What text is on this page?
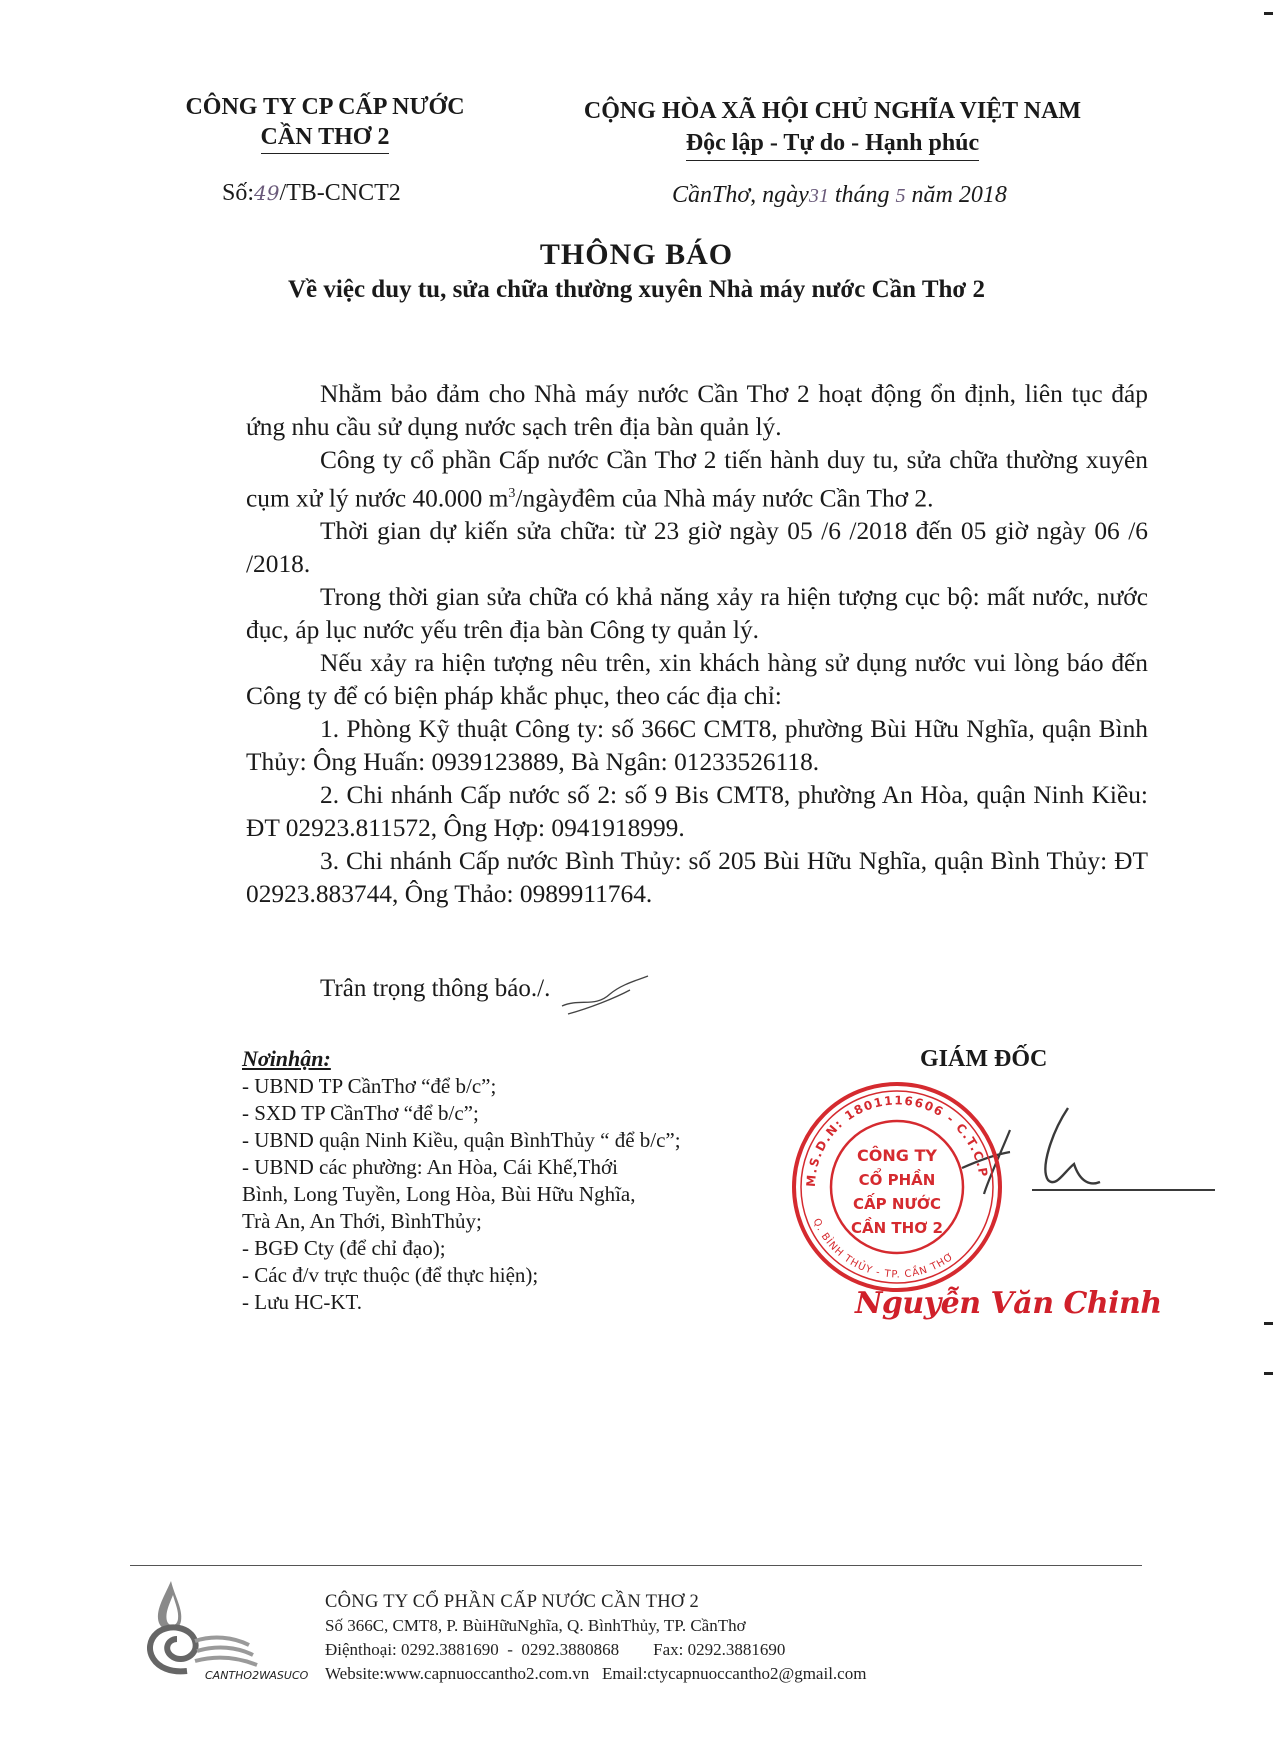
CÔNG TY CP CẤP NƯỚC
CẦN THƠ 2
CỘNG HÒA XÃ HỘI CHỦ NGHĨA VIỆT NAM
Độc lập - Tự do - Hạnh phúc
Số:49/TB-CNCT2	CầnThơ, ngày31 tháng 5 năm 2018
THÔNG BÁO
Về việc duy tu, sửa chữa thường xuyên Nhà máy nước Cần Thơ 2

Nhằm bảo đảm cho Nhà máy nước Cần Thơ 2 hoạt động ổn định, liên tục đáp ứng nhu cầu sử dụng nước sạch trên địa bàn quản lý.

Công ty cổ phần Cấp nước Cần Thơ 2 tiến hành duy tu, sửa chữa thường xuyên cụm xử lý nước 40.000 $m^3$/ngàyđêm của Nhà máy nước Cần Thơ 2.

Thời gian dự kiến sửa chữa: từ 23 giờ ngày 05 /6 /2018 đến 05 giờ ngày 06 /6 /2018.

Trong thời gian sửa chữa có khả năng xảy ra hiện tượng cục bộ: mất nước, nước đục, áp lục nước yếu trên địa bàn Công ty quản lý.

Nếu xảy ra hiện tượng nêu trên, xin khách hàng sử dụng nước vui lòng báo đến Công ty để có biện pháp khắc phục, theo các địa chỉ:

1. Phòng Kỹ thuật Công ty: số 366C CMT8, phường Bùi Hữu Nghĩa, quận Bình Thủy: Ông Huấn: 0939123889, Bà Ngân: 01233526118.

2. Chi nhánh Cấp nước số 2: số 9 Bis CMT8, phường An Hòa, quận Ninh Kiều: ĐT 02923.811572, Ông Hợp: 0941918999.

3. Chi nhánh Cấp nước Bình Thủy: số 205 Bùi Hữu Nghĩa, quận Bình Thủy: ĐT 02923.883744, Ông Thảo: 0989911764.

Trân trọng thông báo./.
Nơinhận:
- UBND TP CầnThơ “để b/c”;
- SXD TP CầnThơ “để b/c”;
- UBND quận Ninh Kiều, quận BìnhThủy “ để b/c”;
- UBND các phường: An Hòa, Cái Khế,Thới
Bình, Long Tuyền, Long Hòa, Bùi Hữu Nghĩa,
Trà An, An Thới, BìnhThủy;
- BGĐ Cty (để chỉ đạo);
- Các đ/v trực thuộc (để thực hiện);
- Lưu HC-KT.
GIÁM ĐỐC
M.S.D.N: 1801116606 - C.T.C.P
Q. BÌNH THỦY - TP. CẦN THƠ
CÔNG TY
CỔ PHẦN
CẤP NƯỚC
CẦN THƠ 2
Nguyễn Văn Chinh
CANTHO2WASUCO
CÔNG TY CỔ PHẦN CẤP NƯỚC CẦN THƠ 2
Số 366C, CMT8, P. BùiHữuNghĩa, Q. BìnhThủy, TP. CầnThơ
Điệnthoại: 0292.3881690  -  0292.3880868        Fax: 0292.3881690
Website:www.capnuoccantho2.com.vn   Email:ctycapnuoccantho2@gmail.com
